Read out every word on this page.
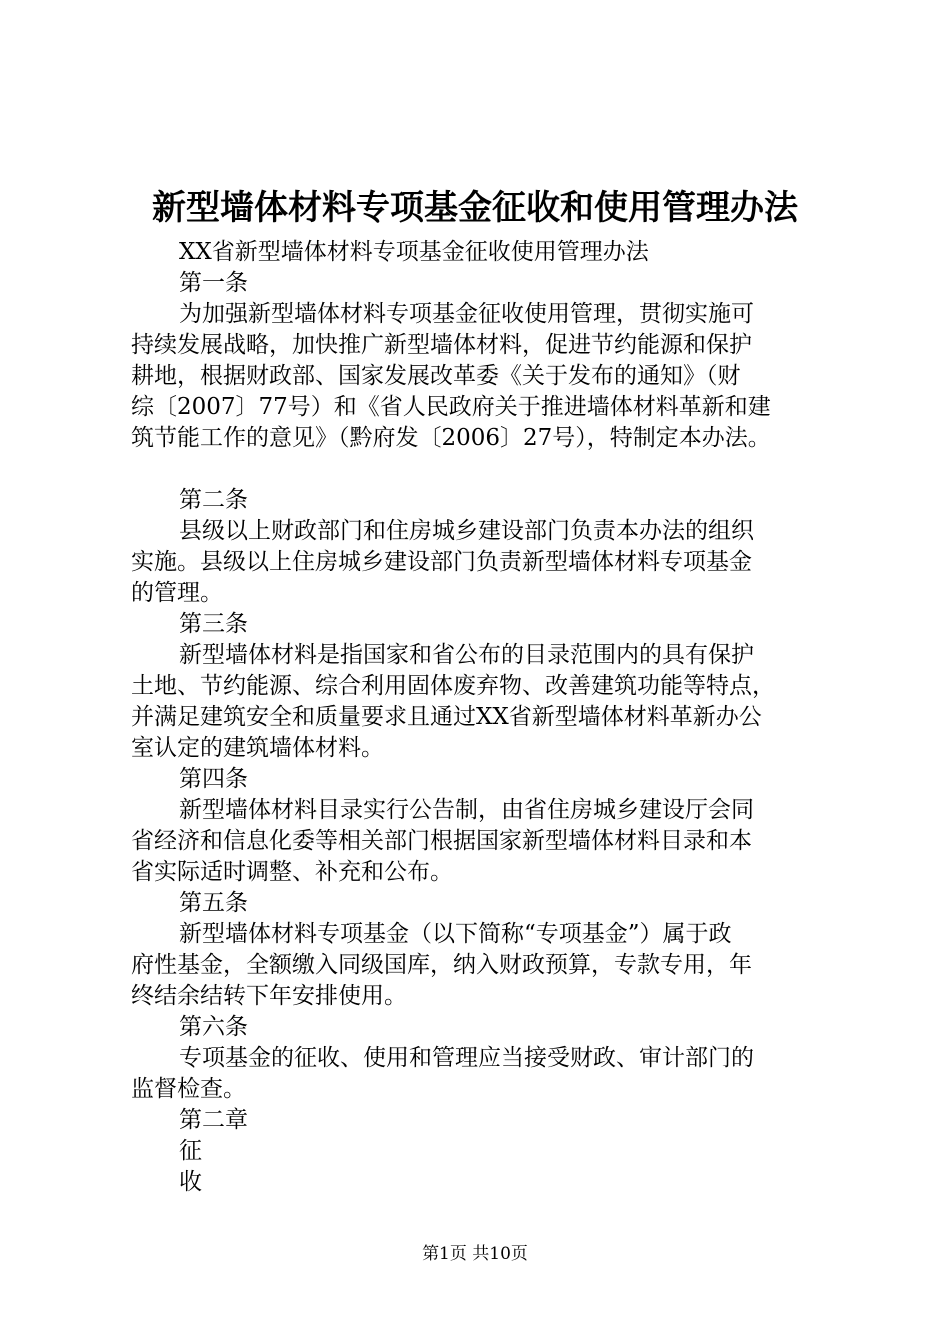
新型墙体材料专项基金征收和使用管理办法
XX省新型墙体材料专项基金征收使用管理办法
第一条
为加强新型墙体材料专项基金征收使用管理，贯彻实施可
持续发展战略，加快推广新型墙体材料，促进节约能源和保护
耕地，根据财政部、国家发展改革委《关于发布的通知》（财
综〔2007〕77号）和《省人民政府关于推进墙体材料革新和建
筑节能工作的意见》（黔府发〔2006〕27号），特制定本办法。
第二条
县级以上财政部门和住房城乡建设部门负责本办法的组织
实施。县级以上住房城乡建设部门负责新型墙体材料专项基金
的管理。
第三条
新型墙体材料是指国家和省公布的目录范围内的具有保护
土地、节约能源、综合利用固体废弃物、改善建筑功能等特点，
并满足建筑安全和质量要求且通过XX省新型墙体材料革新办公
室认定的建筑墙体材料。
第四条
新型墙体材料目录实行公告制，由省住房城乡建设厅会同
省经济和信息化委等相关部门根据国家新型墙体材料目录和本
省实际适时调整、补充和公布。
第五条
新型墙体材料专项基金（以下简称“专项基金”）属于政
府性基金，全额缴入同级国库，纳入财政预算，专款专用，年
终结余结转下年安排使用。
第六条
专项基金的征收、使用和管理应当接受财政、审计部门的
监督检查。
第二章
征
收
第1页 共10页
